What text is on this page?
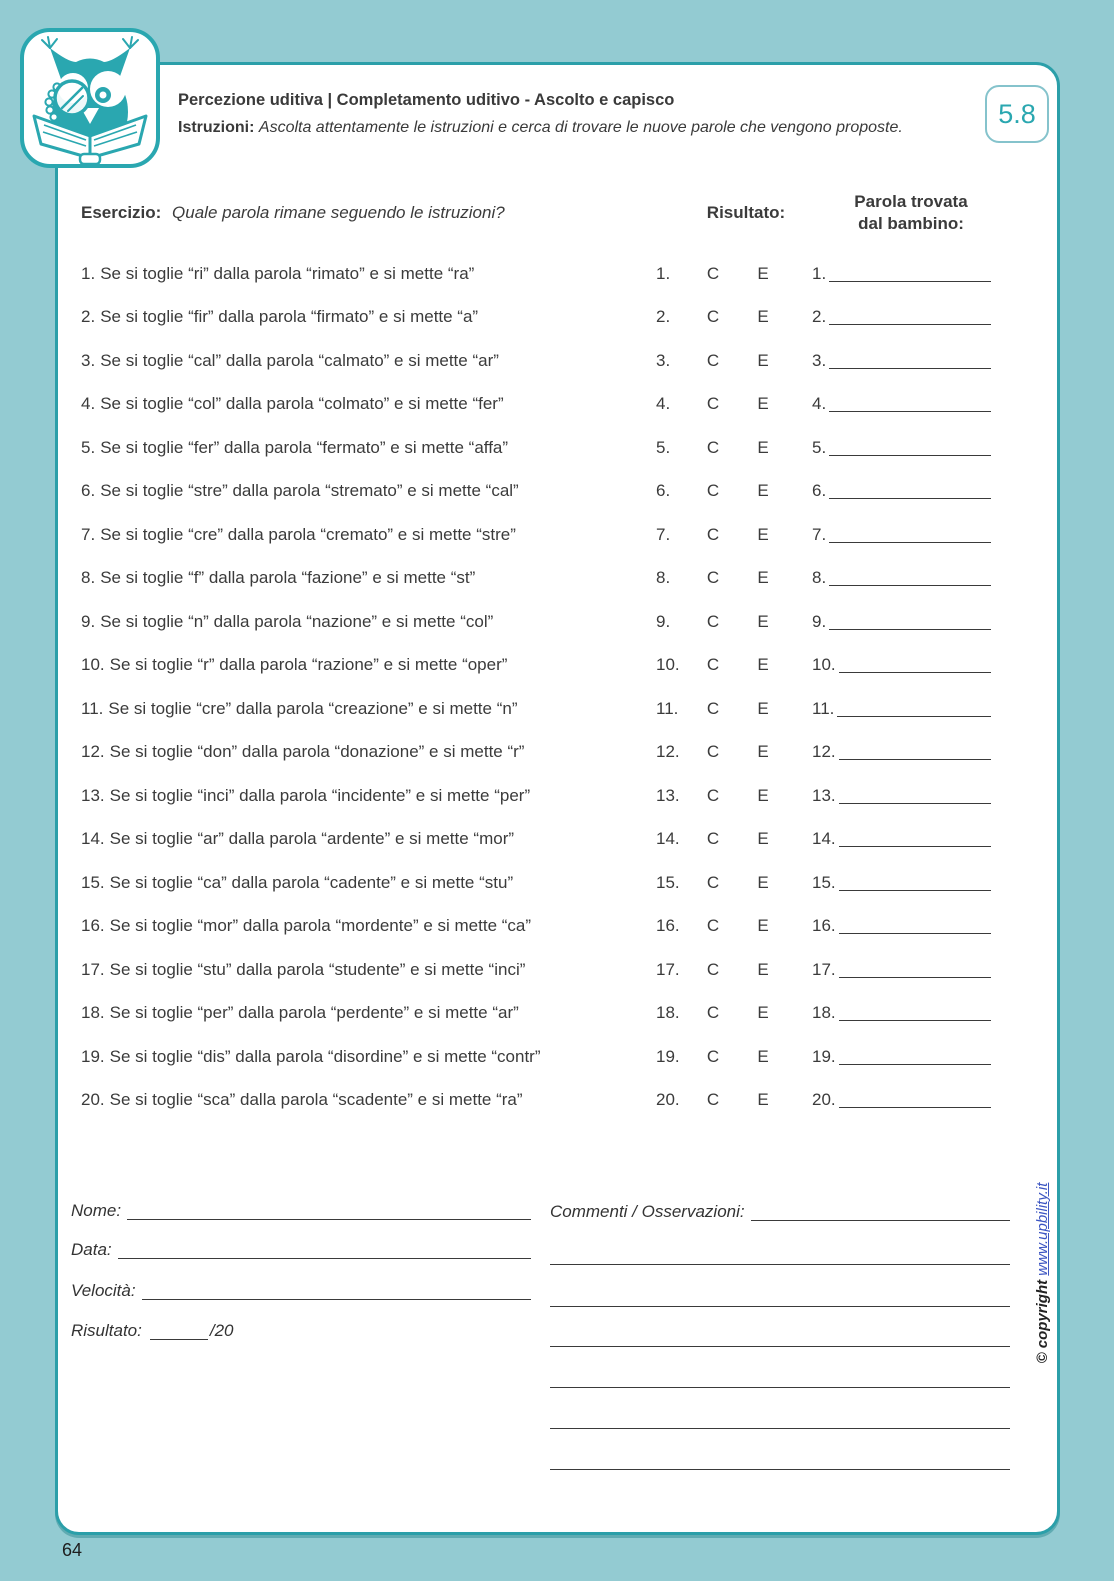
Percezione uditiva | Completamento uditivo - Ascolto e capisco
Istruzioni: Ascolta attentamente le istruzioni e cerca di trovare le nuove parole che vengono proposte.	5.8
Esercizio: Quale parola rimane seguendo le istruzioni?	Risultato:
Parola trovata
dal bambino:
1. Se si toglie “ri” dalla parola “rimato” e si mette “ra”	1.	C	E	1.
2. Se si toglie “fir” dalla parola “firmato” e si mette “a”	2.	C	E	2.
3. Se si toglie “cal” dalla parola “calmato” e si mette “ar”	3.	C	E	3.
4. Se si toglie “col” dalla parola “colmato” e si mette “fer”	4.	C	E	4.
5. Se si toglie “fer” dalla parola “fermato” e si mette “affa”	5.	C	E	5.
6. Se si toglie “stre” dalla parola “stremato” e si mette “cal”	6.	C	E	6.
7. Se si toglie “cre” dalla parola “cremato” e si mette “stre”	7.	C	E	7.
8. Se si toglie “f” dalla parola “fazione” e si mette “st”	8.	C	E	8.
9. Se si toglie “n” dalla parola “nazione” e si mette “col”	9.	C	E	9.
10. Se si toglie “r” dalla parola “razione” e si mette “oper”	10.	C	E	10.
11. Se si toglie “cre” dalla parola “creazione” e si mette “n”	11.	C	E	11.
12. Se si toglie “don” dalla parola “donazione” e si mette “r”	12.	C	E	12.
13. Se si toglie “inci” dalla parola “incidente” e si mette “per”	13.	C	E	13.
14. Se si toglie “ar” dalla parola “ardente” e si mette “mor”	14.	C	E	14.
15. Se si toglie “ca” dalla parola “cadente” e si mette “stu”	15.	C	E	15.
16. Se si toglie “mor” dalla parola “mordente” e si mette “ca”	16.	C	E	16.
17. Se si toglie “stu” dalla parola “studente” e si mette “inci”	17.	C	E	17.
18. Se si toglie “per” dalla parola “perdente” e si mette “ar”	18.	C	E	18.
19. Se si toglie “dis” dalla parola “disordine” e si mette “contr”	19.	C	E	19.
20. Se si toglie “sca” dalla parola “scadente” e si mette “ra”	20.	C	E	20.
Nome:
Data:
Velocità:
Risultato:	/20
Commenti / Osservazioni:
© copyright www.upbility.it
64
